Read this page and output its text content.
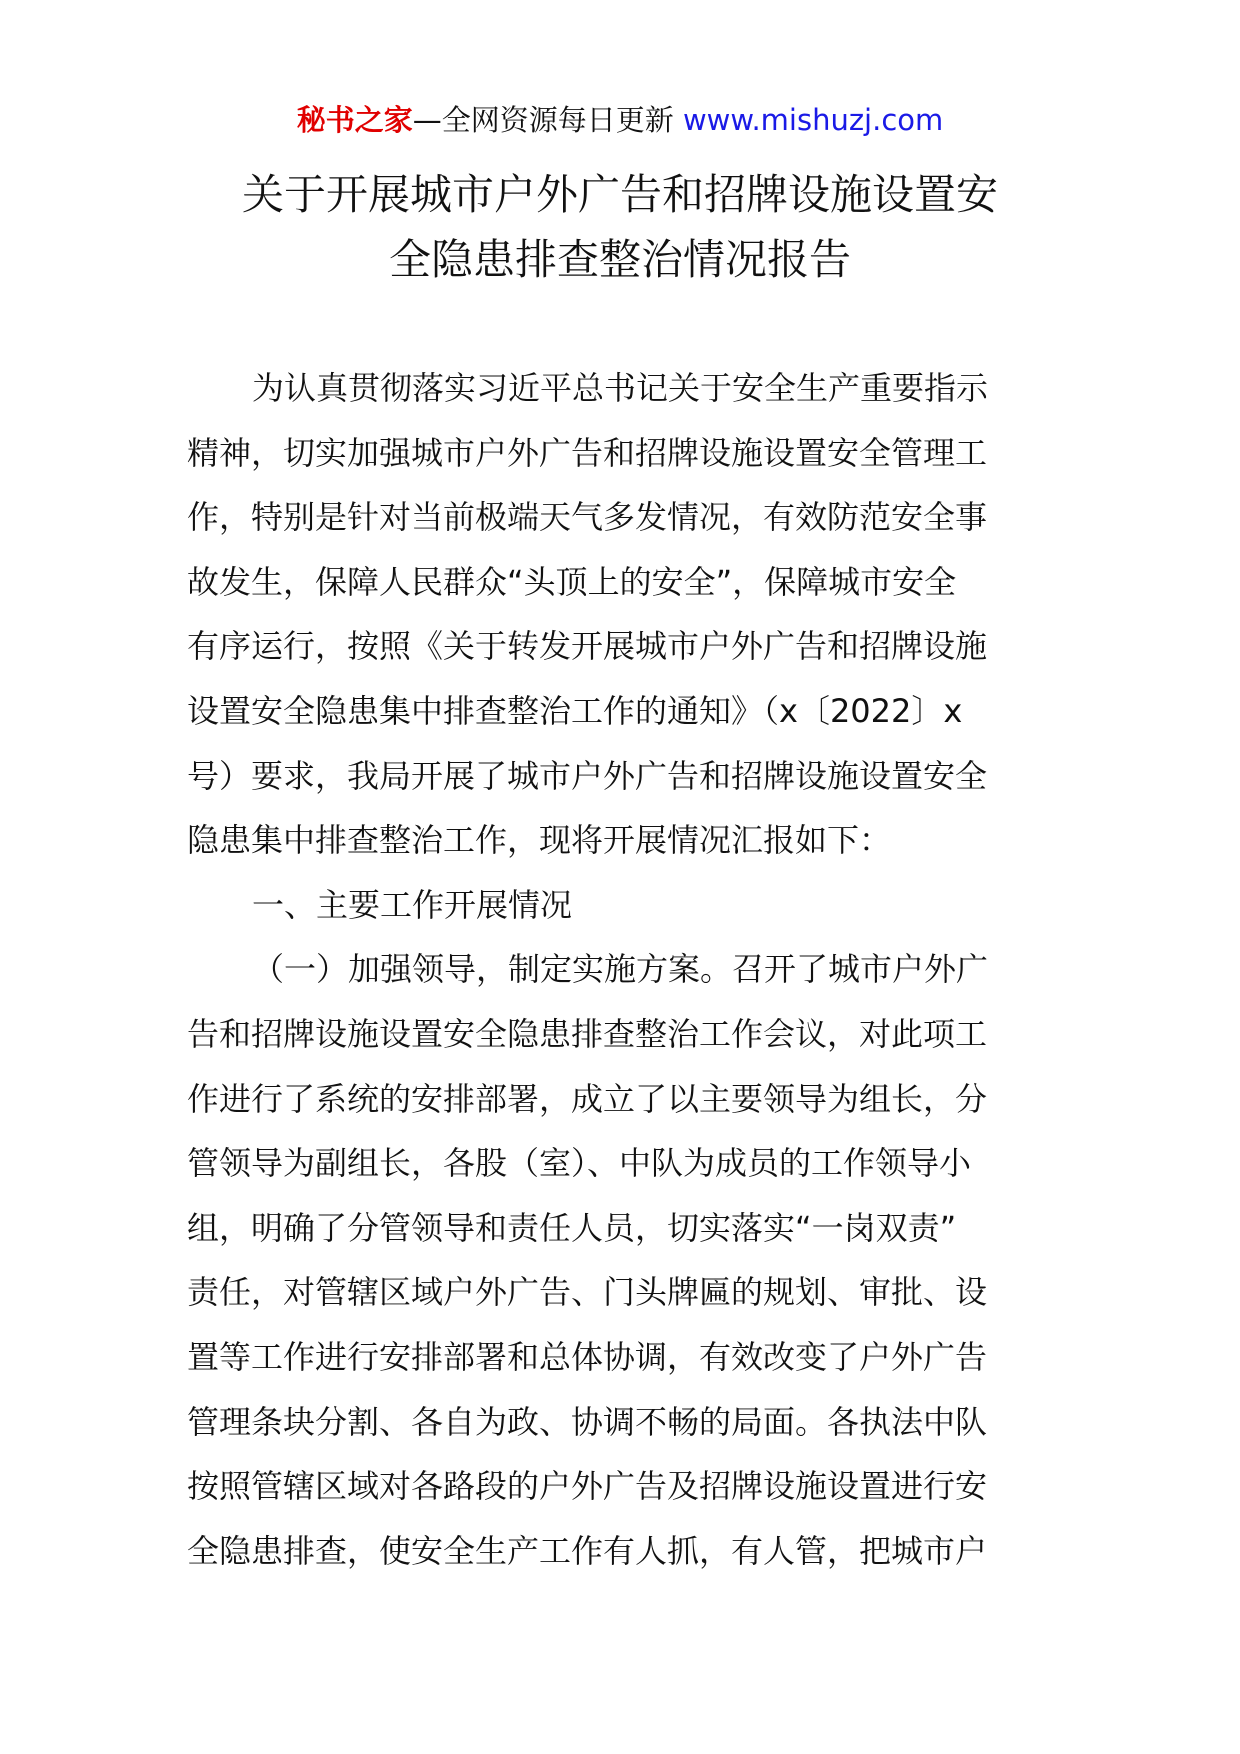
秘书之家—全网资源每日更新 www.mishuzj.com
关于开展城市户外广告和招牌设施设置安
全隐患排查整治情况报告
为认真贯彻落实习近平总书记关于安全生产重要指示
精神，切实加强城市户外广告和招牌设施设置安全管理工
作，特别是针对当前极端天气多发情况，有效防范安全事
故发生，保障人民群众“头顶上的安全”，保障城市安全
有序运行，按照《关于转发开展城市户外广告和招牌设施
设置安全隐患集中排查整治工作的通知》（x〔2022〕x
号）要求，我局开展了城市户外广告和招牌设施设置安全
隐患集中排查整治工作，现将开展情况汇报如下：
一、主要工作开展情况
（一）加强领导，制定实施方案。召开了城市户外广
告和招牌设施设置安全隐患排查整治工作会议，对此项工
作进行了系统的安排部署，成立了以主要领导为组长，分
管领导为副组长，各股（室）、中队为成员的工作领导小
组，明确了分管领导和责任人员，切实落实“一岗双责”
责任，对管辖区域户外广告、门头牌匾的规划、审批、设
置等工作进行安排部署和总体协调，有效改变了户外广告
管理条块分割、各自为政、协调不畅的局面。各执法中队
按照管辖区域对各路段的户外广告及招牌设施设置进行安
全隐患排查，使安全生产工作有人抓，有人管，把城市户
